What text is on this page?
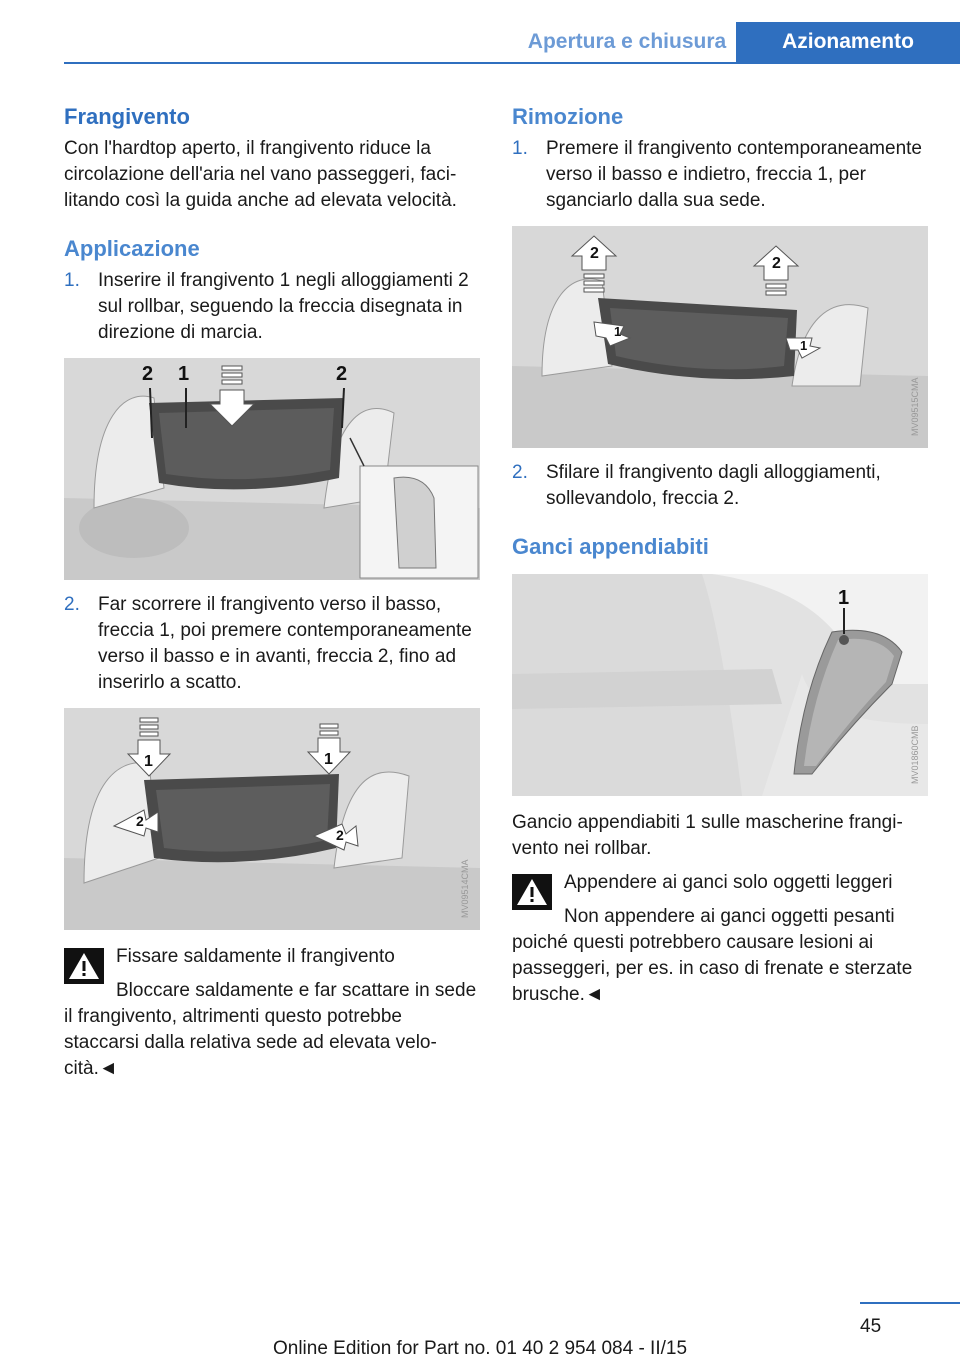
Apertura e chiusura	Azionamento
Frangivento
Con l'hardtop aperto, il frangivento riduce la circolazione dell'aria nel vano passeggeri, facilitando così la guida anche ad elevata velocità.
Applicazione
1. Inserire il frangivento 1 negli alloggiamenti 2 sul rollbar, seguendo la freccia disegnata in direzione di marcia.
2 1	2
2. Far scorrere il frangivento verso il basso, freccia 1, poi premere contemporaneamente verso il basso e in avanti, freccia 2, fino ad inserirlo a scatto.
1
2
1
2
MV09514CMA
Fissare saldamente il frangivento
Bloccare saldamente e far scattare in sede il frangivento, altrimenti questo potrebbe staccarsi dalla relativa sede ad elevata velocità.◄
Rimozione
1. Premere il frangivento contemporaneamente verso il basso e indietro, freccia 1, per sganciarlo dalla sua sede.
2
2
1
1
MV09515CMA
2. Sfilare il frangivento dagli alloggiamenti, sollevandolo, freccia 2.
Ganci appendiabiti
1
MV01860CMB
Gancio appendiabiti 1 sulle mascherine frangivento nei rollbar.
Appendere ai ganci solo oggetti leggeri
Non appendere ai ganci oggetti pesanti poiché questi potrebbero causare lesioni ai passeggeri, per es. in caso di frenate e sterzate brusche.◄
45
Online Edition for Part no. 01 40 2 954 084 - II/15
